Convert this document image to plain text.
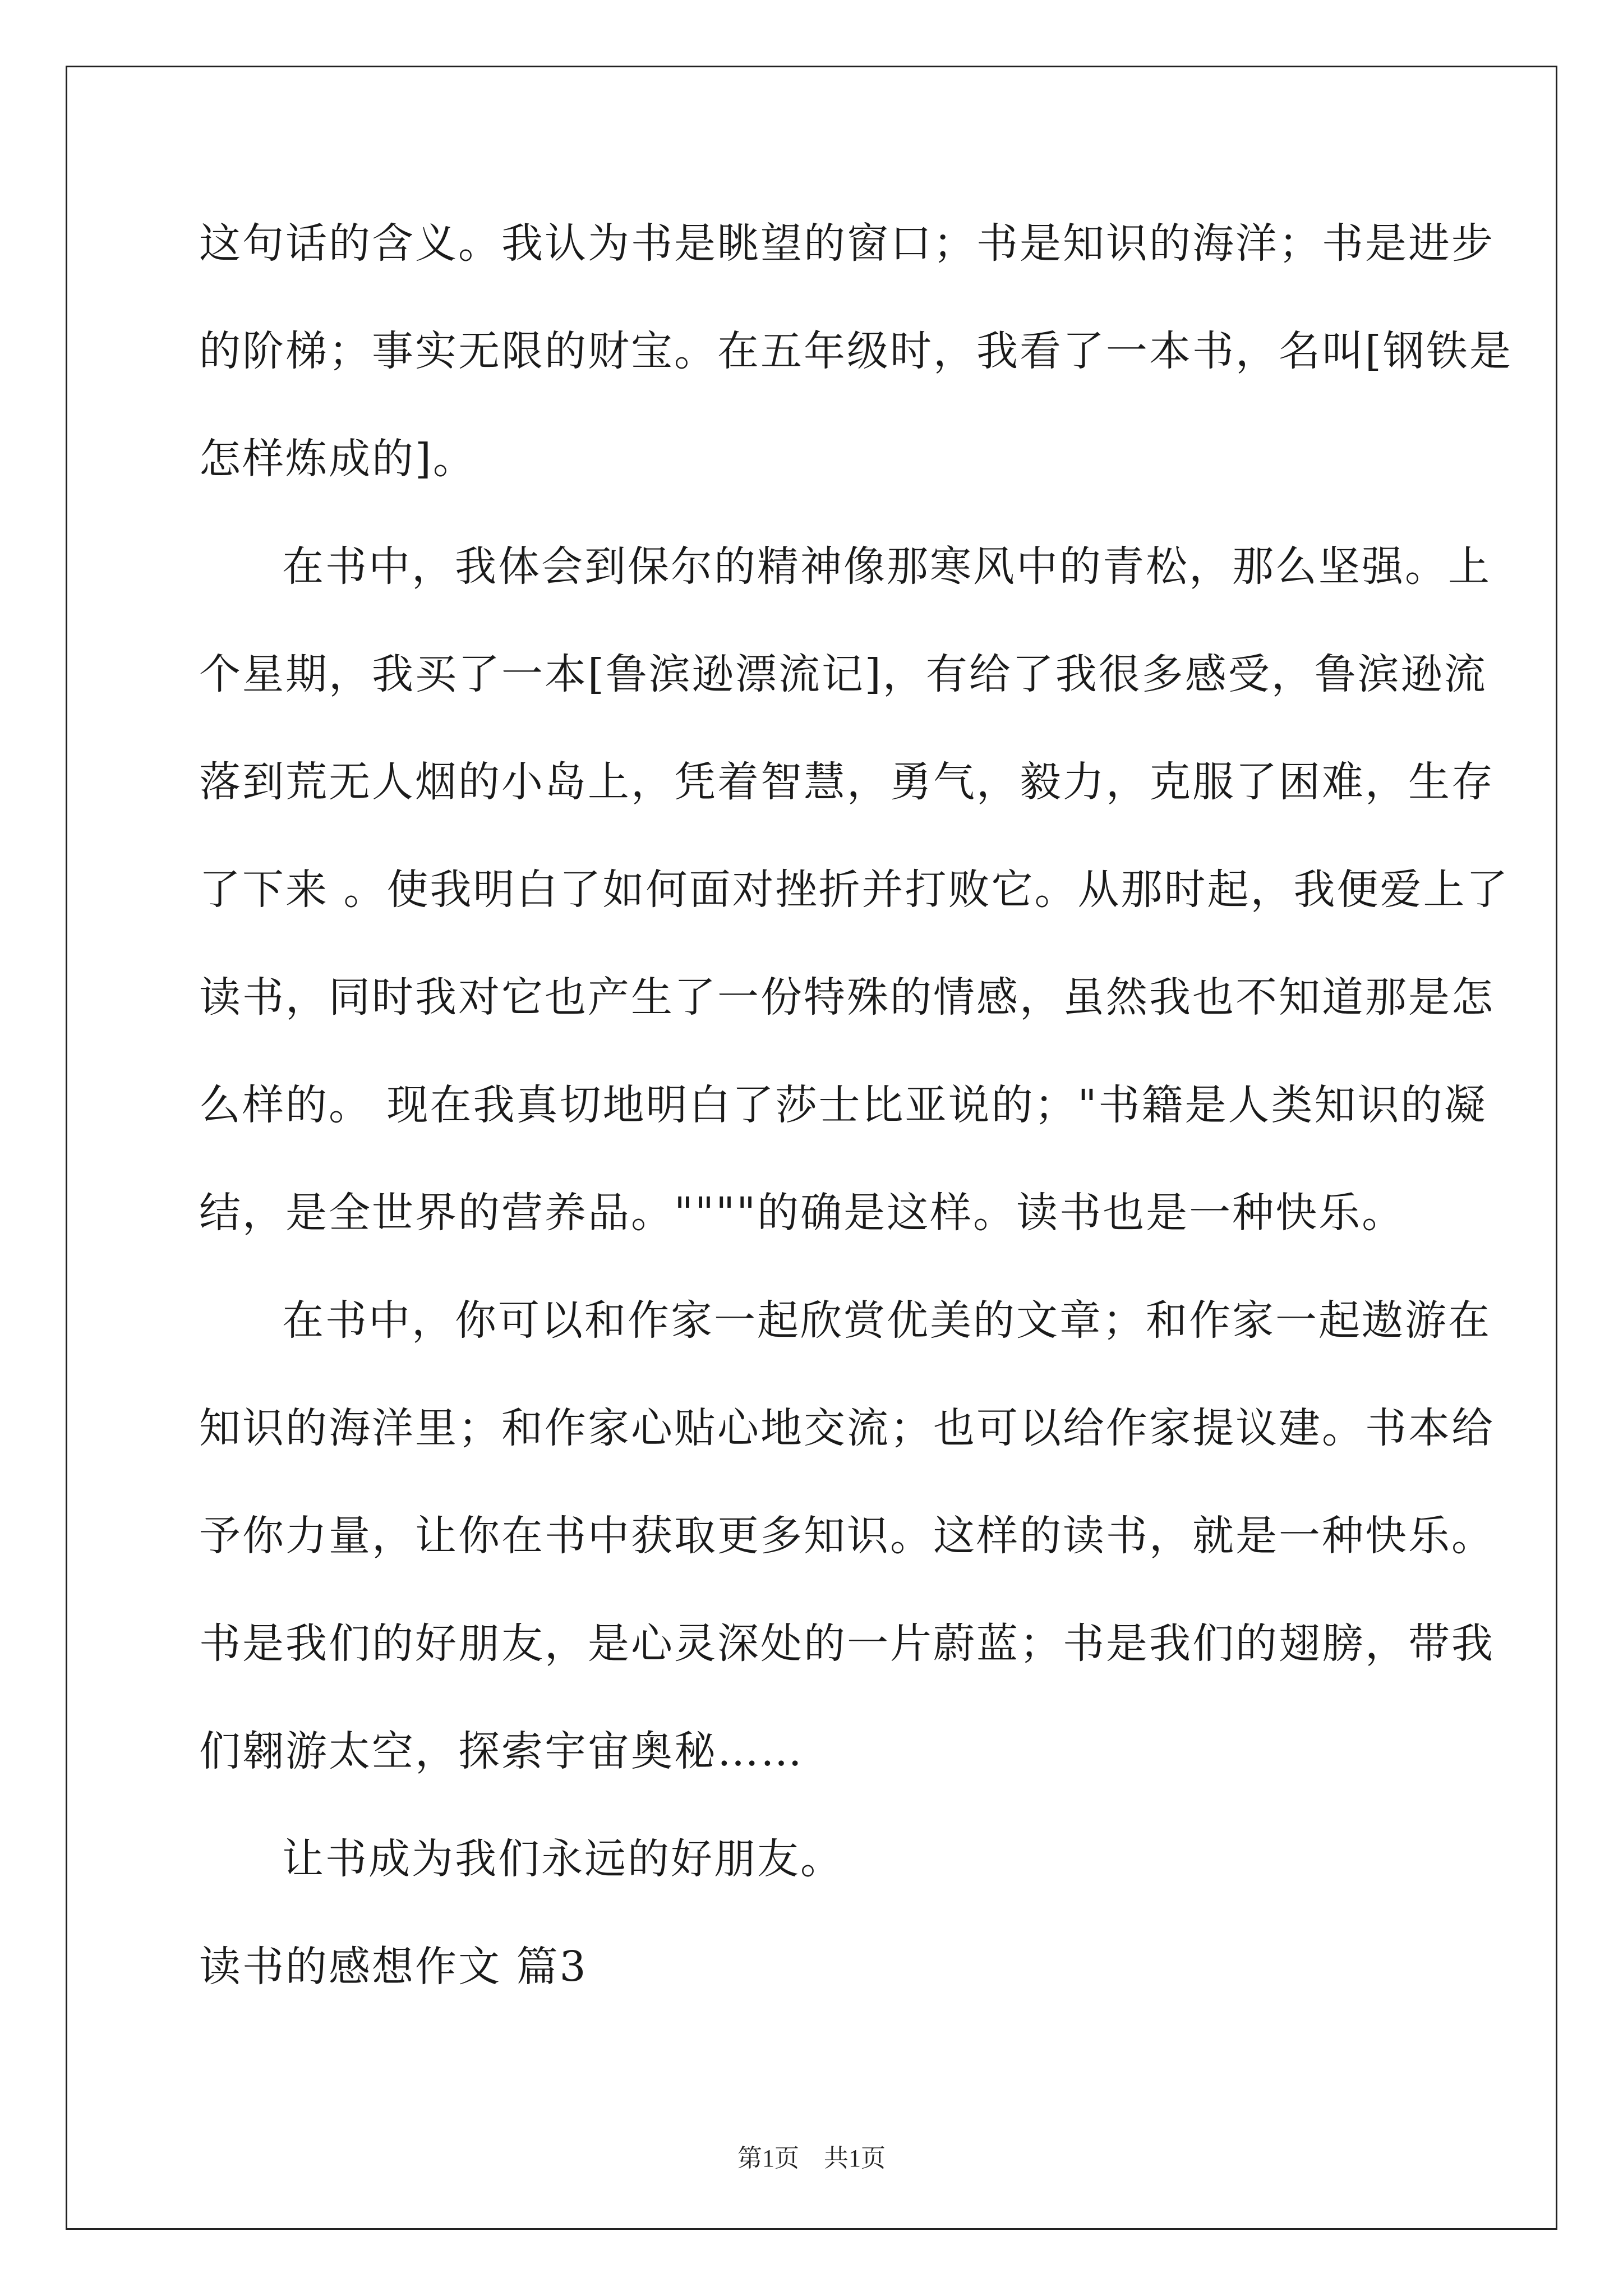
这句话的含义。我认为书是眺望的窗口；书是知识的海洋；书是进步
的阶梯；事实无限的财宝。在五年级时，我看了一本书，名叫[钢铁是
怎样炼成的]。
在书中，我体会到保尔的精神像那寒风中的青松，那么坚强。上
个星期，我买了一本[鲁滨逊漂流记]，有给了我很多感受，鲁滨逊流
落到荒无人烟的小岛上，凭着智慧，勇气，毅力，克服了困难，生存
了下来 。使我明白了如何面对挫折并打败它。从那时起，我便爱上了
读书，同时我对它也产生了一份特殊的情感，虽然我也不知道那是怎
么样的。 现在我真切地明白了莎士比亚说的；"书籍是人类知识的凝
结，是全世界的营养品。""""的确是这样。读书也是一种快乐。
在书中，你可以和作家一起欣赏优美的文章；和作家一起遨游在
知识的海洋里；和作家心贴心地交流；也可以给作家提议建。书本给
予你力量，让你在书中获取更多知识。这样的读书，就是一种快乐。
书是我们的好朋友，是心灵深处的一片蔚蓝；书是我们的翅膀，带我
们翱游太空，探索宇宙奥秘……
让书成为我们永远的好朋友。
读书的感想作文 篇3
第1页　共1页
